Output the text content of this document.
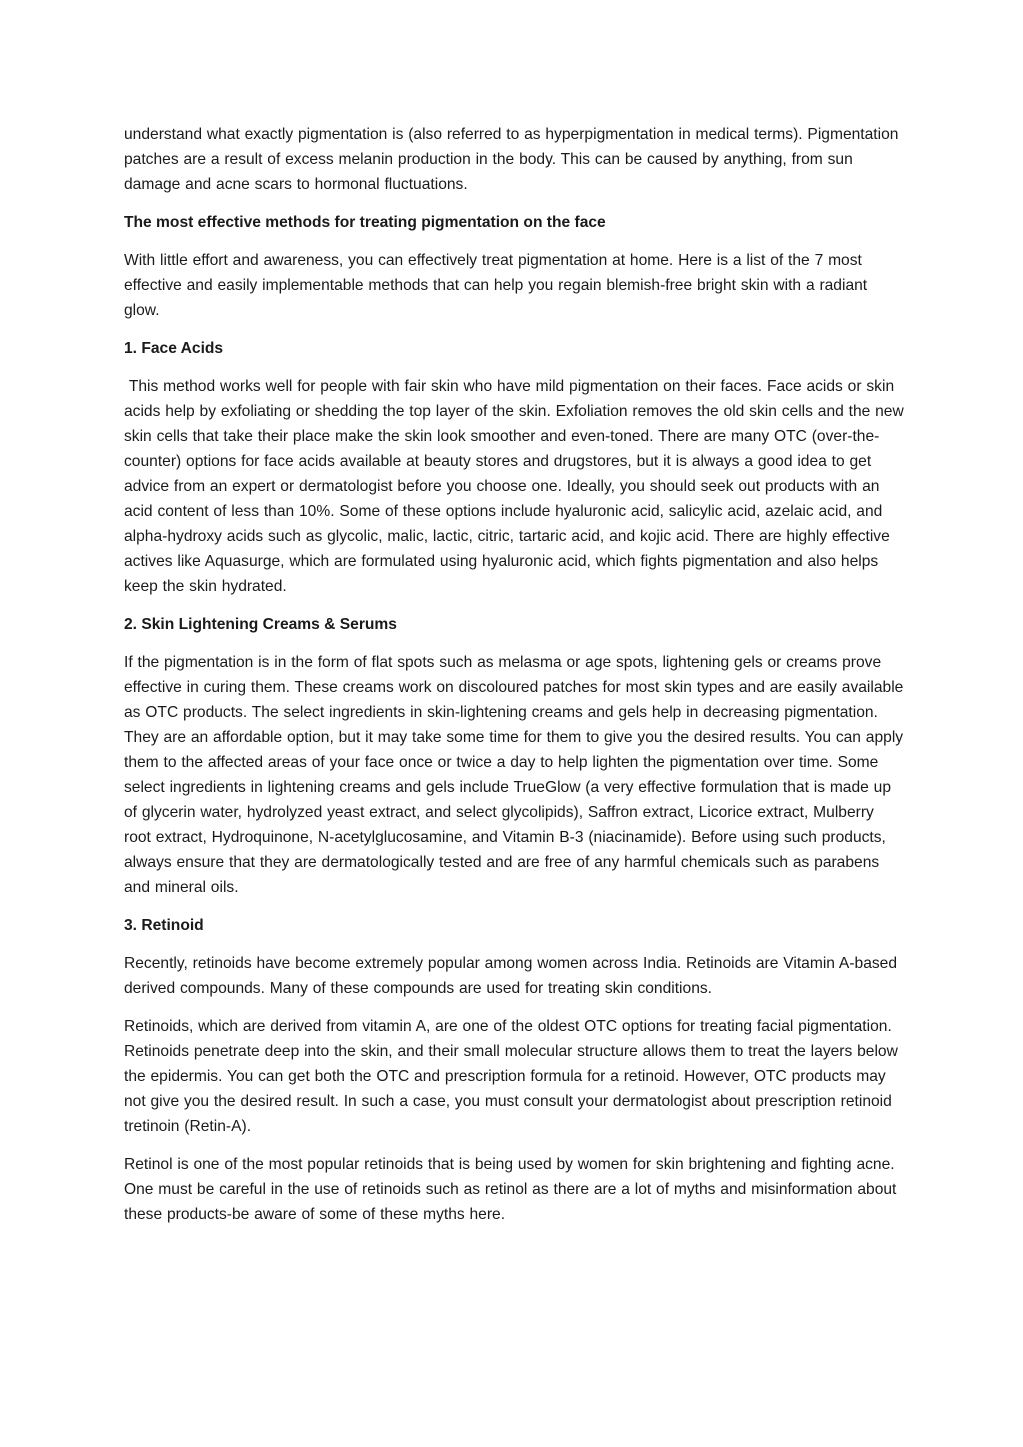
understand what exactly pigmentation is (also referred to as hyperpigmentation in medical terms). Pigmentation patches are a result of excess melanin production in the body. This can be caused by anything, from sun damage and acne scars to hormonal fluctuations.

The most effective methods for treating pigmentation on the face

With little effort and awareness, you can effectively treat pigmentation at home. Here is a list of the 7 most effective and easily implementable methods that can help you regain blemish-free bright skin with a radiant glow.

1. Face Acids

This method works well for people with fair skin who have mild pigmentation on their faces. Face acids or skin acids help by exfoliating or shedding the top layer of the skin. Exfoliation removes the old skin cells and the new skin cells that take their place make the skin look smoother and even-toned. There are many OTC (over-the-counter) options for face acids available at beauty stores and drugstores, but it is always a good idea to get advice from an expert or dermatologist before you choose one. Ideally, you should seek out products with an acid content of less than 10%. Some of these options include hyaluronic acid, salicylic acid, azelaic acid, and alpha-hydroxy acids such as glycolic, malic, lactic, citric, tartaric acid, and kojic acid. There are highly effective actives like Aquasurge, which are formulated using hyaluronic acid, which fights pigmentation and also helps keep the skin hydrated.

2. Skin Lightening Creams & Serums

If the pigmentation is in the form of flat spots such as melasma or age spots, lightening gels or creams prove effective in curing them. These creams work on discoloured patches for most skin types and are easily available as OTC products. The select ingredients in skin-lightening creams and gels help in decreasing pigmentation. They are an affordable option, but it may take some time for them to give you the desired results. You can apply them to the affected areas of your face once or twice a day to help lighten the pigmentation over time. Some select ingredients in lightening creams and gels include TrueGlow (a very effective formulation that is made up of glycerin water, hydrolyzed yeast extract, and select glycolipids), Saffron extract, Licorice extract, Mulberry root extract, Hydroquinone, N-acetylglucosamine, and Vitamin B-3 (niacinamide). Before using such products, always ensure that they are dermatologically tested and are free of any harmful chemicals such as parabens and mineral oils.

3. Retinoid

Recently, retinoids have become extremely popular among women across India. Retinoids are Vitamin A-based derived compounds. Many of these compounds are used for treating skin conditions.

Retinoids, which are derived from vitamin A, are one of the oldest OTC options for treating facial pigmentation. Retinoids penetrate deep into the skin, and their small molecular structure allows them to treat the layers below the epidermis. You can get both the OTC and prescription formula for a retinoid. However, OTC products may not give you the desired result. In such a case, you must consult your dermatologist about prescription retinoid tretinoin (Retin-A).

Retinol is one of the most popular retinoids that is being used by women for skin brightening and fighting acne. One must be careful in the use of retinoids such as retinol as there are a lot of myths and misinformation about these products-be aware of some of these myths here.
